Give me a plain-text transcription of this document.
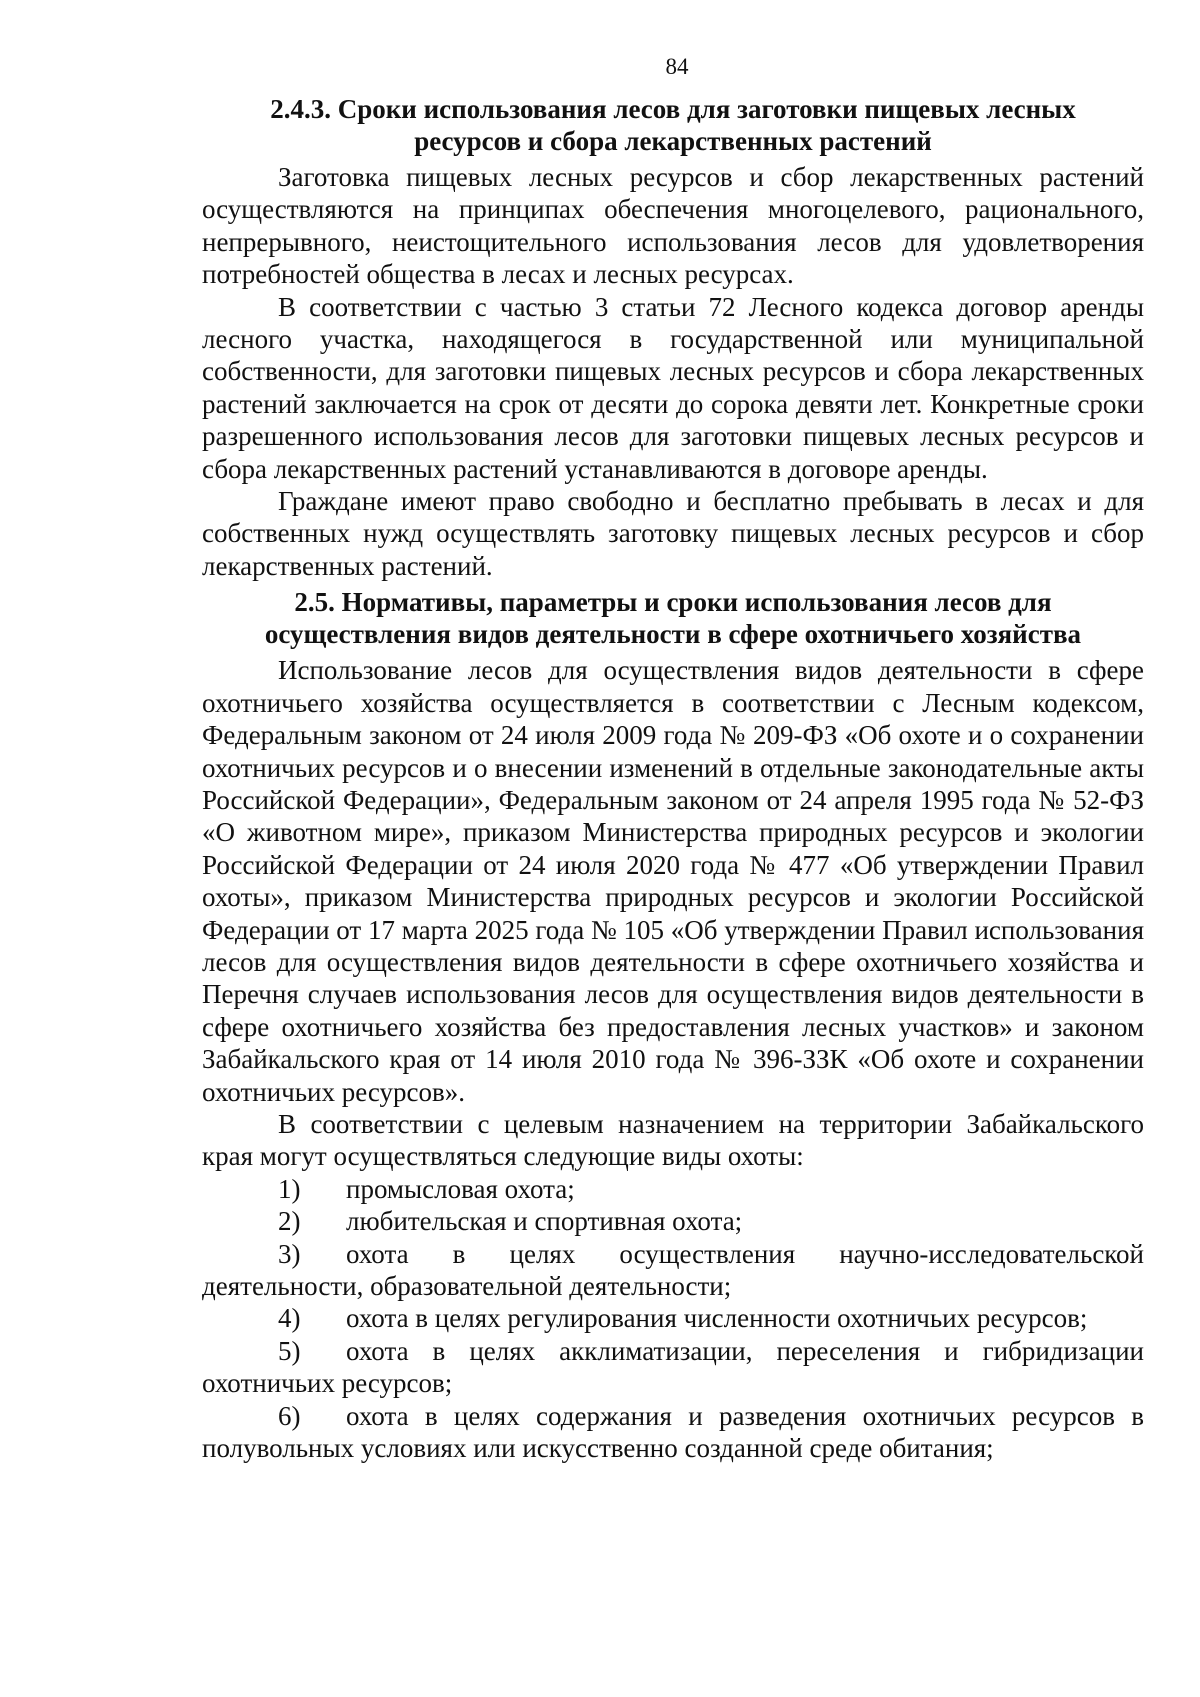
84
2.4.3. Сроки использования лесов для заготовки пищевых лесных
ресурсов и сбора лекарственных растений

Заготовка пищевых лесных ресурсов и сбор лекарственных растений осуществляются на принципах обеспечения многоцелевого, рационального, непрерывного, неистощительного использования лесов для удовлетворения потребностей общества в лесах и лесных ресурсах.

В соответствии с частью 3 статьи 72 Лесного кодекса договор аренды лесного участка, находящегося в государственной или муниципальной собственности, для заготовки пищевых лесных ресурсов и сбора лекарственных растений заключается на срок от десяти до сорока девяти лет. Конкретные сроки разрешенного использования лесов для заготовки пищевых лесных ресурсов и сбора лекарственных растений устанавливаются в договоре аренды.

Граждане имеют право свободно и бесплатно пребывать в лесах и для собственных нужд осуществлять заготовку пищевых лесных ресурсов и сбор лекарственных растений.

2.5. Нормативы, параметры и сроки использования лесов для
осуществления видов деятельности в сфере охотничьего хозяйства

Использование лесов для осуществления видов деятельности в сфере охотничьего хозяйства осуществляется в соответствии с Лесным кодексом, Федеральным законом от 24 июля 2009 года № 209-ФЗ «Об охоте и о сохранении охотничьих ресурсов и о внесении изменений в отдельные законодательные акты Российской Федерации», Федеральным законом от 24 апреля 1995 года № 52-ФЗ «О животном мире», приказом Министерства природных ресурсов и экологии Российской Федерации от 24 июля 2020 года № 477 «Об утверждении Правил охоты», приказом Министерства природных ресурсов и экологии Российской Федерации от 17 марта 2025 года № 105 «Об утверждении Правил использования лесов для осуществления видов деятельности в сфере охотничьего хозяйства и Перечня случаев использования лесов для осуществления видов деятельности в сфере охотничьего хозяйства без предоставления лесных участков» и законом Забайкальского края от 14 июля 2010 года № 396-ЗЗК «Об охоте и сохранении охотничьих ресурсов».

В соответствии с целевым назначением на территории Забайкальского края могут осуществляться следующие виды охоты:

1) промысловая охота;

2) любительская и спортивная охота;

3) охота в целях осуществления научно-исследовательской деятельности, образовательной деятельности;

4) охота в целях регулирования численности охотничьих ресурсов;

5) охота в целях акклиматизации, переселения и гибридизации охотничьих ресурсов;

6) охота в целях содержания и разведения охотничьих ресурсов в полувольных условиях или искусственно созданной среде обитания;
